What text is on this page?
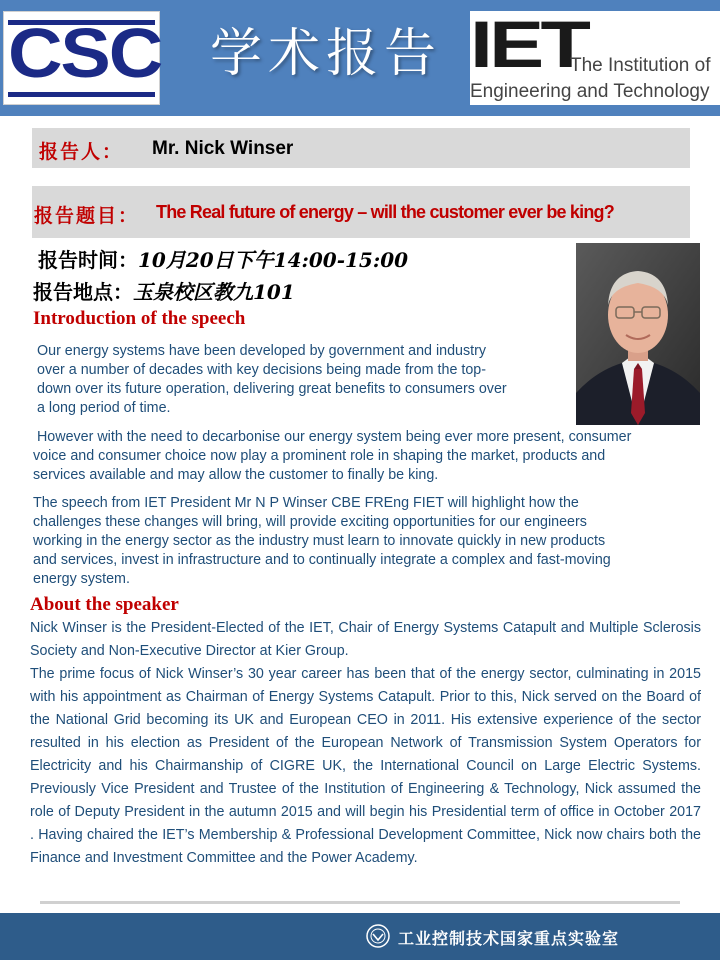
CSC 学术报告 IET
The Institution of
Engineering and Technology
报告人： Mr. Nick Winser
报告题目： The Real future of energy – will the customer ever be king?
报告时间：10月20日下午14:00-15:00
报告地点：玉泉校区教九101
Introduction of the speech
Our energy systems have been developed by government and industry
over a number of decades with key decisions being made from the top-
down over its future operation, delivering great benefits to consumers over
a long period of time.
However with the need to decarbonise our energy system being ever more present, consumer
voice and consumer choice now play a prominent role in shaping the market, products and
services available and may allow the customer to finally be king.
The speech from IET President Mr N P Winser CBE FREng FIET will highlight how the
challenges these changes will bring, will provide exciting opportunities for our engineers
working in the energy sector as the industry must learn to innovate quickly in new products
and services, invest in infrastructure and to continually integrate a complex and fast-moving
energy system.
About the speaker

Nick Winser is the President-Elected of the IET, Chair of Energy Systems Catapult and Multiple Sclerosis Society and Non-Executive Director at Kier Group.

The prime focus of Nick Winser’s 30 year career has been that of the energy sector, culminating in 2015 with his appointment as Chairman of Energy Systems Catapult. Prior to this, Nick served on the Board of the National Grid becoming its UK and European CEO in 2011. His extensive experience of the sector resulted in his election as President of the European Network of Transmission System Operators for Electricity and his Chairmanship of CIGRE UK, the International Council on Large Electric Systems. Previously Vice President and Trustee of the Institution of Engineering & Technology, Nick assumed the role of Deputy President in the autumn 2015 and will begin his Presidential term of office in October 2017 . Having chaired the IET’s Membership & Professional Development Committee, Nick now chairs both the Finance and Investment Committee and the Power Academy.

工业控制技术国家重点实验室
